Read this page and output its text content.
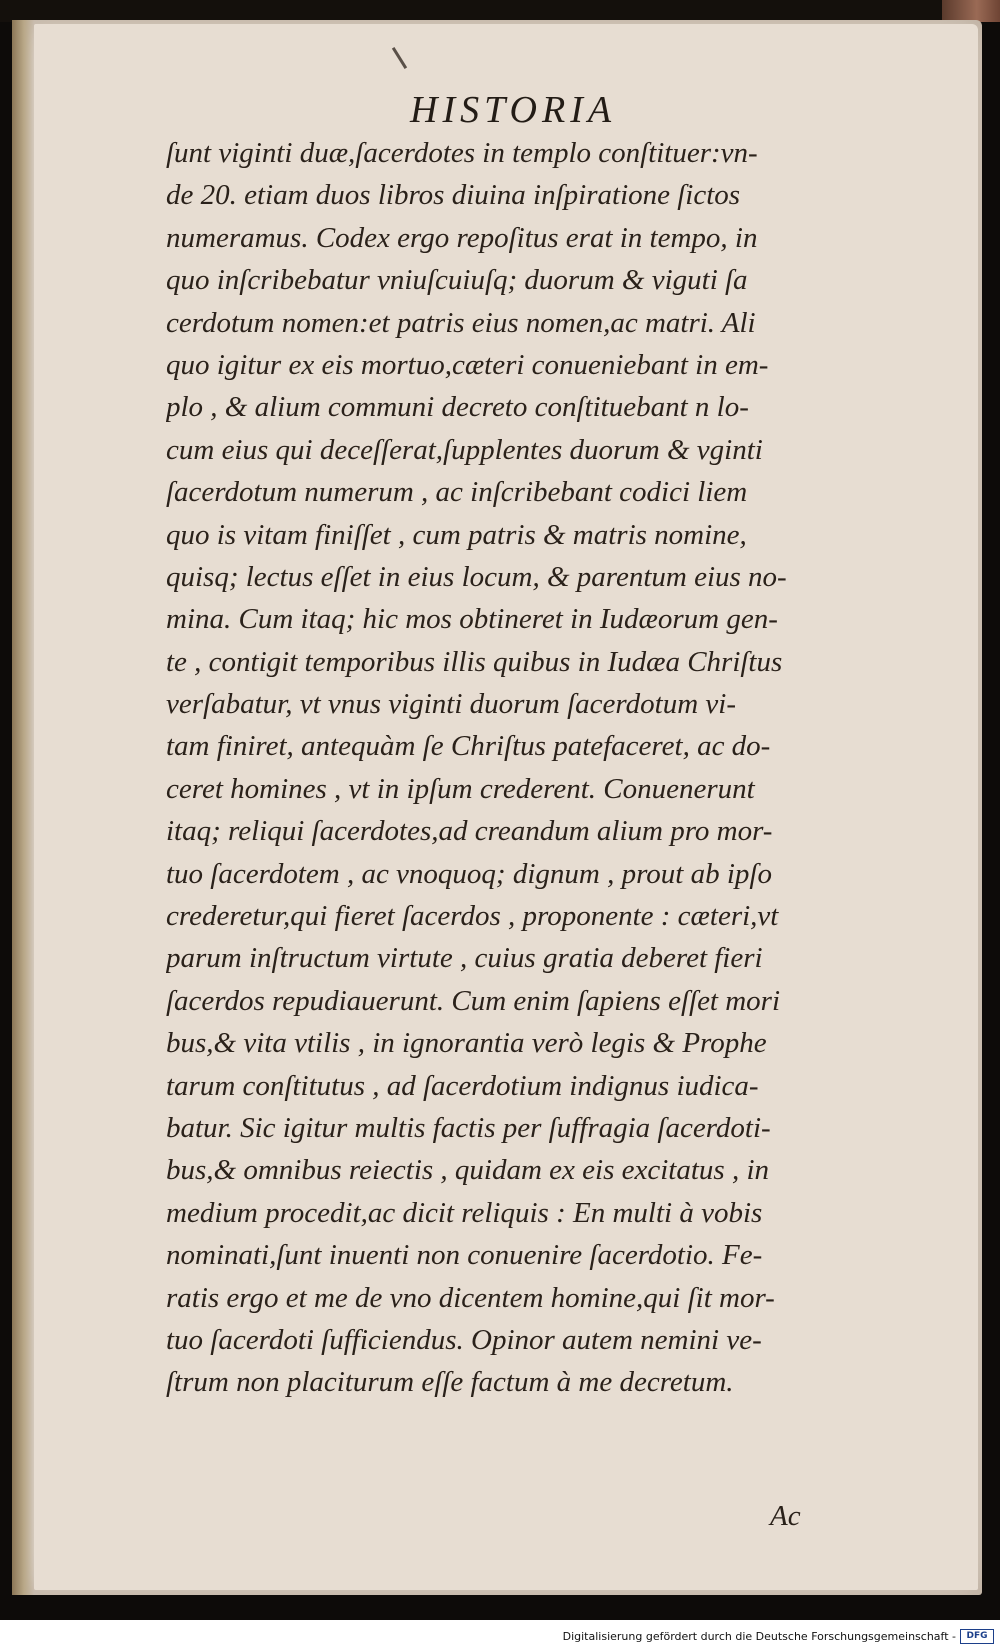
HISTORIA
ſunt viginti duæ,ſacerdotes in templo conſtituer:vn-
de 20. etiam duos libros diuina inſpiratione ſictos
numeramus. Codex ergo repoſitus erat in tempo, in
quo inſcribebatur vniuſcuiuſq; duorum & viguti ſa
cerdotum nomen:et patris eius nomen,ac matri. Ali
quo igitur ex eis mortuo,cæteri conueniebant in em-
plo , & alium communi decreto conſtituebant n lo-
cum eius qui deceſſerat,ſupplentes duorum & vginti
ſacerdotum numerum , ac inſcribebant codici liem
quo is vitam finiſſet , cum patris & matris nomine,
quisq; lectus eſſet in eius locum, & parentum eius no-
mina. Cum itaq; hic mos obtineret in Iudæorum gen-
te , contigit temporibus illis quibus in Iudæa Chriſtus
verſabatur, vt vnus viginti duorum ſacerdotum vi-
tam finiret, antequàm ſe Chriſtus patefaceret, ac do-
ceret homines , vt in ipſum crederent. Conuenerunt
itaq; reliqui ſacerdotes,ad creandum alium pro mor-
tuo ſacerdotem , ac vnoquoq; dignum , prout ab ipſo
crederetur,qui fieret ſacerdos , proponente : cæteri,vt
parum inſtructum virtute , cuius gratia deberet fieri
ſacerdos repudiauerunt. Cum enim ſapiens eſſet mori
bus,& vita vtilis , in ignorantia verò legis & Prophe
tarum conſtitutus , ad ſacerdotium indignus iudica-
batur. Sic igitur multis factis per ſuffragia ſacerdoti-
bus,& omnibus reiectis , quidam ex eis excitatus , in
medium procedit,ac dicit reliquis : En multi à vobis
nominati,ſunt inuenti non conuenire ſacerdotio. Fe-
ratis ergo et me de vno dicentem homine,qui ſit mor-
tuo ſacerdoti ſufficiendus. Opinor autem nemini ve-
ſtrum non placiturum eſſe factum à me decretum.
Ac
Digitalisierung gefördert durch die Deutsche Forschungsgemeinschaft -	DFG
